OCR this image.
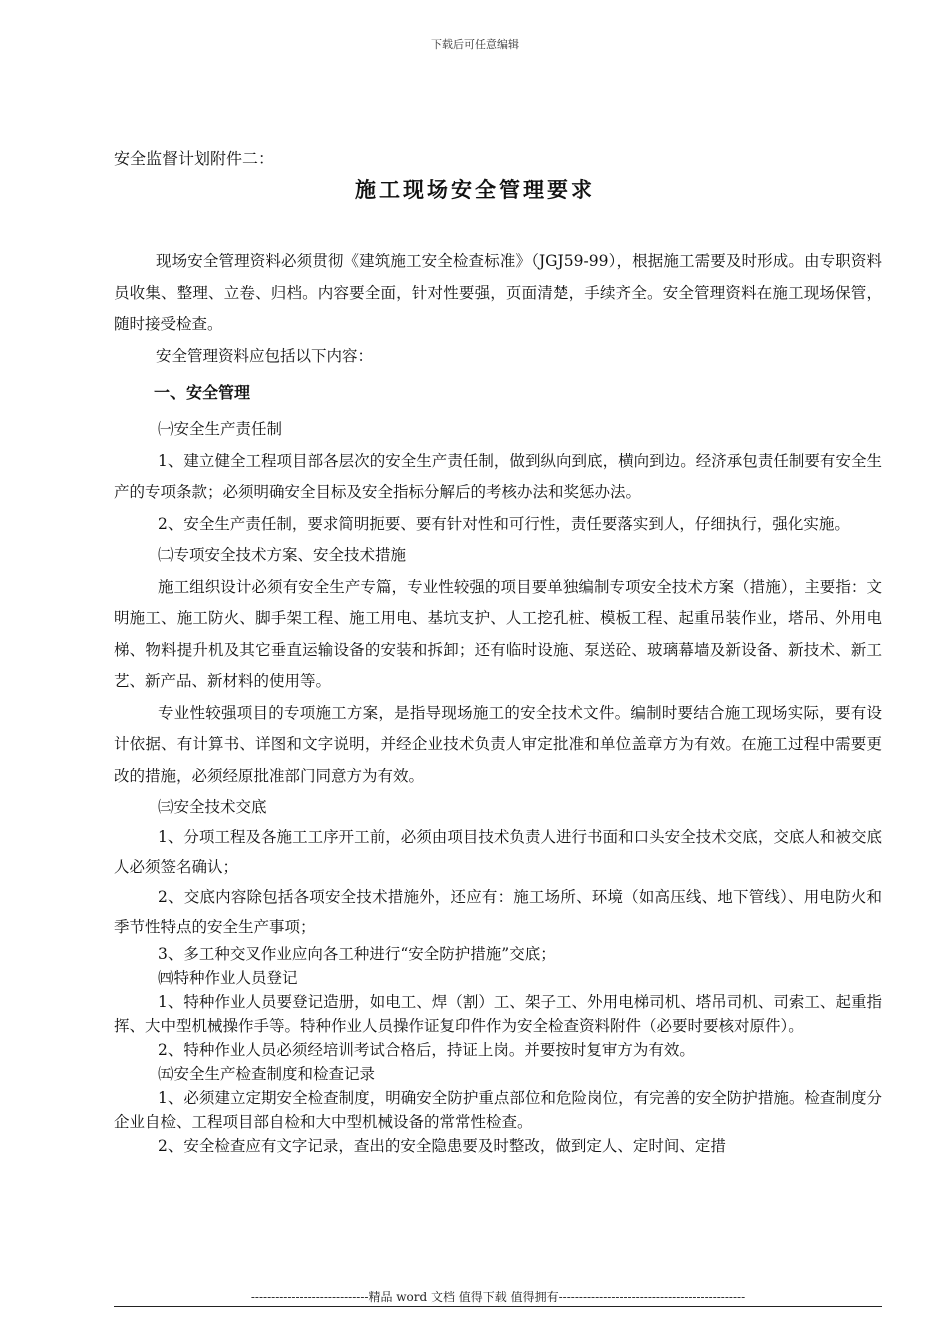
下载后可任意编辑
安全监督计划附件二：
施工现场安全管理要求

现场安全管理资料必须贯彻《建筑施工安全检查标准》（JGJ59-99），根据施工需要及时形成。由专职资料员收集、整理、立卷、归档。内容要全面，针对性要强，页面清楚，手续齐全。安全管理资料在施工现场保管，随时接受检查。

安全管理资料应包括以下内容：

一、安全管理

㈠安全生产责任制

1、建立健全工程项目部各层次的安全生产责任制，做到纵向到底，横向到边。经济承包责任制要有安全生产的专项条款；必须明确安全目标及安全指标分解后的考核办法和奖惩办法。

2、安全生产责任制，要求简明扼要、要有针对性和可行性，责任要落实到人，仔细执行，强化实施。

㈡专项安全技术方案、安全技术措施

施工组织设计必须有安全生产专篇，专业性较强的项目要单独编制专项安全技术方案（措施），主要指：文明施工、施工防火、脚手架工程、施工用电、基坑支护、人工挖孔桩、模板工程、起重吊装作业，塔吊、外用电梯、物料提升机及其它垂直运输设备的安装和拆卸；还有临时设施、泵送砼、玻璃幕墙及新设备、新技术、新工艺、新产品、新材料的使用等。

专业性较强项目的专项施工方案，是指导现场施工的安全技术文件。编制时要结合施工现场实际，要有设计依据、有计算书、详图和文字说明，并经企业技术负责人审定批准和单位盖章方为有效。在施工过程中需要更改的措施，必须经原批准部门同意方为有效。

㈢安全技术交底

1、分项工程及各施工工序开工前，必须由项目技术负责人进行书面和口头安全技术交底，交底人和被交底人必须签名确认；

2、交底内容除包括各项安全技术措施外，还应有：施工场所、环境（如高压线、地下管线）、用电防火和季节性特点的安全生产事项；

3、多工种交叉作业应向各工种进行“安全防护措施”交底；

㈣特种作业人员登记

1、特种作业人员要登记造册，如电工、焊（割）工、架子工、外用电梯司机、塔吊司机、司索工、起重指挥、大中型机械操作手等。特种作业人员操作证复印件作为安全检查资料附件（必要时要核对原件）。

2、特种作业人员必须经培训考试合格后，持证上岗。并要按时复审方为有效。

㈤安全生产检查制度和检查记录

1、必须建立定期安全检查制度，明确安全防护重点部位和危险岗位，有完善的安全防护措施。检查制度分企业自检、工程项目部自检和大中型机械设备的常常性检查。

2、安全检查应有文字记录，查出的安全隐患要及时整改，做到定人、定时间、定措

-----------------------------精品 word 文档 值得下载 值得拥有----------------------------------------------
